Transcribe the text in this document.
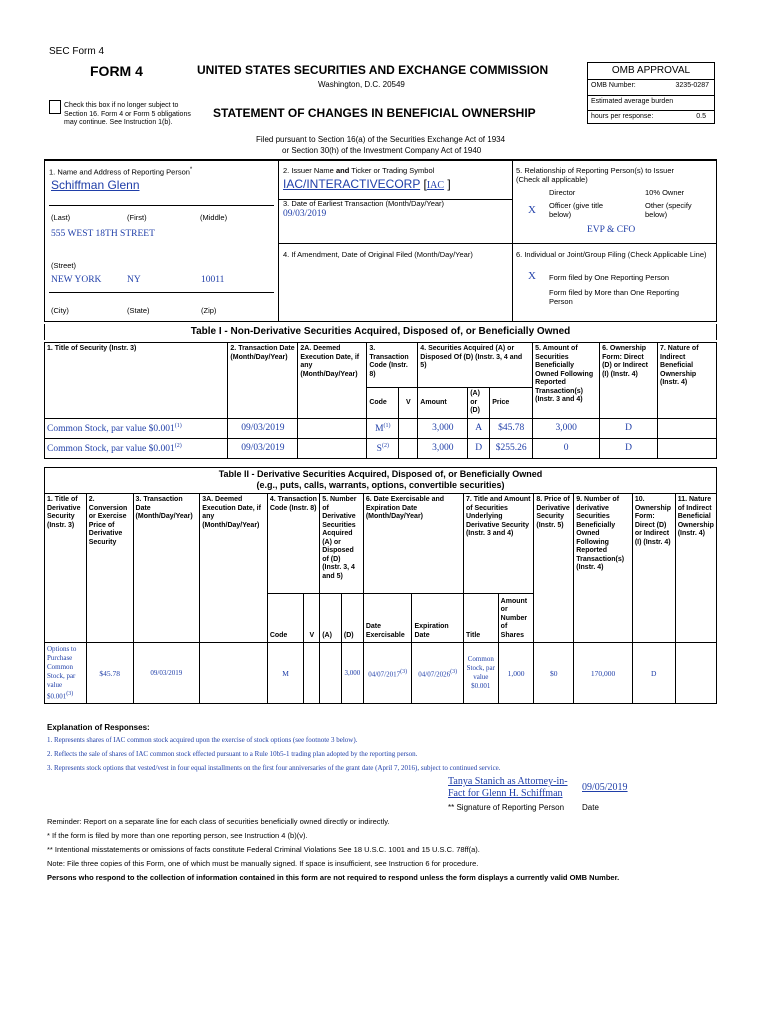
SEC Form 4
FORM 4	UNITED STATES SECURITIES AND EXCHANGE COMMISSION
Washington, D.C. 20549
Check this box if no longer subject to Section 16. Form 4 or Form 5 obligations may continue. See Instruction 1(b).
STATEMENT OF CHANGES IN BENEFICIAL OWNERSHIP
Filed pursuant to Section 16(a) of the Securities Exchange Act of 1934
or Section 30(h) of the Investment Company Act of 1940
OMB APPROVAL
OMB Number:	3235-0287
Estimated average burden
hours per response:	0.5
1. Name and Address of Reporting Person*
Schiffman Glenn
(Last)	(First)	(Middle)
555 WEST 18TH STREET
(Street)
NEW YORK	NY	10011
(City)	(State)	(Zip)
2. Issuer Name and Ticker or Trading Symbol
IAC/INTERACTIVECORP [IAC ]
3. Date of Earliest Transaction (Month/Day/Year)
09/03/2019
4. If Amendment, Date of Original Filed (Month/Day/Year)
5. Relationship of Reporting Person(s) to Issuer
(Check all applicable)
Director	10% Owner
X Officer (give title below)
Other (specify below)
EVP & CFO
6. Individual or Joint/Group Filing (Check Applicable Line)
X Form filed by One Reporting Person
Form filed by More than One Reporting Person
Table I - Non-Derivative Securities Acquired, Disposed of, or Beneficially Owned
1. Title of Security (Instr. 3)	2. Transaction Date (Month/Day/Year)	2A. Deemed Execution Date, if any (Month/Day/Year)	3. Transaction Code (Instr. 8)		4. Securities Acquired (A) or Disposed Of (D) (Instr. 3, 4 and 5)			5. Amount of Securities Beneficially Owned Following Reported Transaction(s) (Instr. 3 and 4)	6. Ownership Form: Direct (D) or Indirect (I) (Instr. 4)	7. Nature of Indirect Beneficial Ownership (Instr. 4)
			Code	V	Amount	(A) or (D)	Price			
Common Stock, par value $0.001$^{(1)}$	09/03/2019		$M^{(1)}$		3,000	A	$45.78	3,000	D	
Common Stock, par value $0.001$^{(2)}$	09/03/2019		$S^{(2)}$		3,000	D	$255.26	0	D	
Table II - Derivative Securities Acquired, Disposed of, or Beneficially Owned
(e.g., puts, calls, warrants, options, convertible securities)
1. Title of Derivative Security (Instr. 3)	2. Conversion or Exercise Price of Derivative Security	3. Transaction Date (Month/Day/Year)	3A. Deemed Execution Date, if any (Month/Day/Year)	4. Transaction Code (Instr. 8)		5. Number of Derivative Securities Acquired (A) or Disposed of (D) (Instr. 3, 4 and 5)		6. Date Exercisable and Expiration Date (Month/Day/Year)		7. Title and Amount of Securities Underlying Derivative Security (Instr. 3 and 4)		8. Price of Derivative Security (Instr. 5)	9. Number of derivative Securities Beneficially Owned Following Reported Transaction(s) (Instr. 4)	10. Ownership Form: Direct (D) or Indirect (I) (Instr. 4)	11. Nature of Indirect Beneficial Ownership (Instr. 4)
				Code	V	(A)	(D)	Date Exercisable	Expiration Date	Title	Amount or Number of Shares				
Options to Purchase Common Stock, par value $0.001$^{(3)}$	$45.78	09/03/2019		M			3,000	04/07/2017$^{(3)}$	04/07/2026$^{(3)}$	Common Stock, par value $0.001	1,000	$0	170,000	D	
Explanation of Responses:
1. Represents shares of IAC common stock acquired upon the exercise of stock options (see footnote 3 below).
2. Reflects the sale of shares of IAC common stock effected pursuant to a Rule 10b5-1 trading plan adopted by the reporting person.
3. Represents stock options that vested/vest in four equal installments on the first four anniversaries of the grant date (April 7, 2016), subject to continued service.
Tanya Stanich as Attorney-in-
Fact for Glenn H. Schiffman
09/05/2019
** Signature of Reporting Person Date
Reminder: Report on a separate line for each class of securities beneficially owned directly or indirectly.
* If the form is filed by more than one reporting person, see Instruction 4 (b)(v).
** Intentional misstatements or omissions of facts constitute Federal Criminal Violations See 18 U.S.C. 1001 and 15 U.S.C. 78ff(a).
Note: File three copies of this Form, one of which must be manually signed. If space is insufficient, see Instruction 6 for procedure.
Persons who respond to the collection of information contained in this form are not required to respond unless the form displays a currently valid OMB Number.
